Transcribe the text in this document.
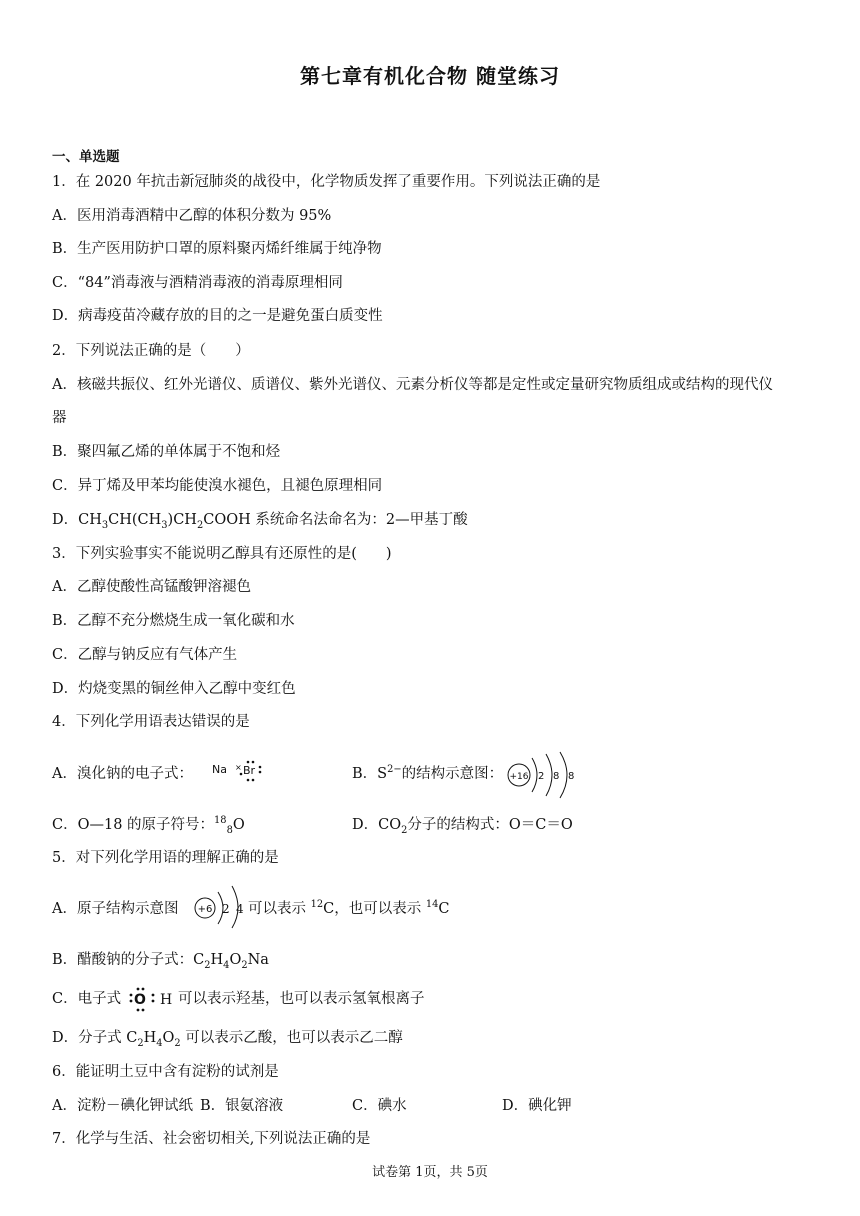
第七章有机化合物 随堂练习
一、单选题
1．在 2020 年抗击新冠肺炎的战役中，化学物质发挥了重要作用。下列说法正确的是
A．医用消毒酒精中乙醇的体积分数为 95%
B．生产医用防护口罩的原料聚丙烯纤维属于纯净物
C．“84”消毒液与酒精消毒液的消毒原理相同
D．病毒疫苗冷藏存放的目的之一是避免蛋白质变性
2．下列说法正确的是（　　）
A．核磁共振仪、红外光谱仪、质谱仪、紫外光谱仪、元素分析仪等都是定性或定量研究物质组成或结构的现代仪
器
B．聚四氟乙烯的单体属于不饱和烃
C．异丁烯及甲苯均能使溴水褪色，且褪色原理相同
D．$CH_3CH(CH_3)CH_2COOH$ 系统命名法命名为：2—甲基丁酸
3．下列实验事实不能说明乙醇具有还原性的是(　　)
A．乙醇使酸性高锰酸钾溶褪色
B．乙醇不充分燃烧生成一氧化碳和水
C．乙醇与钠反应有气体产生
D．灼烧变黑的铜丝伸入乙醇中变红色
4．下列化学用语表达错误的是
A．溴化钠的电子式： Na × Br	B．$S^{2-}$的结构示意图： +16 2 8 8
C．O—18 的原子符号：$^{18}_8$O	D．$CO_2$分子的结构式：O＝C＝O
5．对下列化学用语的理解正确的是
A．原子结构示意图 +6 2 4 可以表示 $^{12}$C，也可以表示 $^{14}$C
B．醋酸钠的分子式：$C_2H_4O_2Na$
C．电子式 O H 可以表示羟基，也可以表示氢氧根离子
D．分子式 $C_2H_4O_2$ 可以表示乙酸，也可以表示乙二醇
6．能证明土豆中含有淀粉的试剂是
A．淀粉－碘化钾试纸 B．银氨溶液	C．碘水	D．碘化钾
7．化学与生活、社会密切相关,下列说法正确的是
试卷第 1页，共 5页
